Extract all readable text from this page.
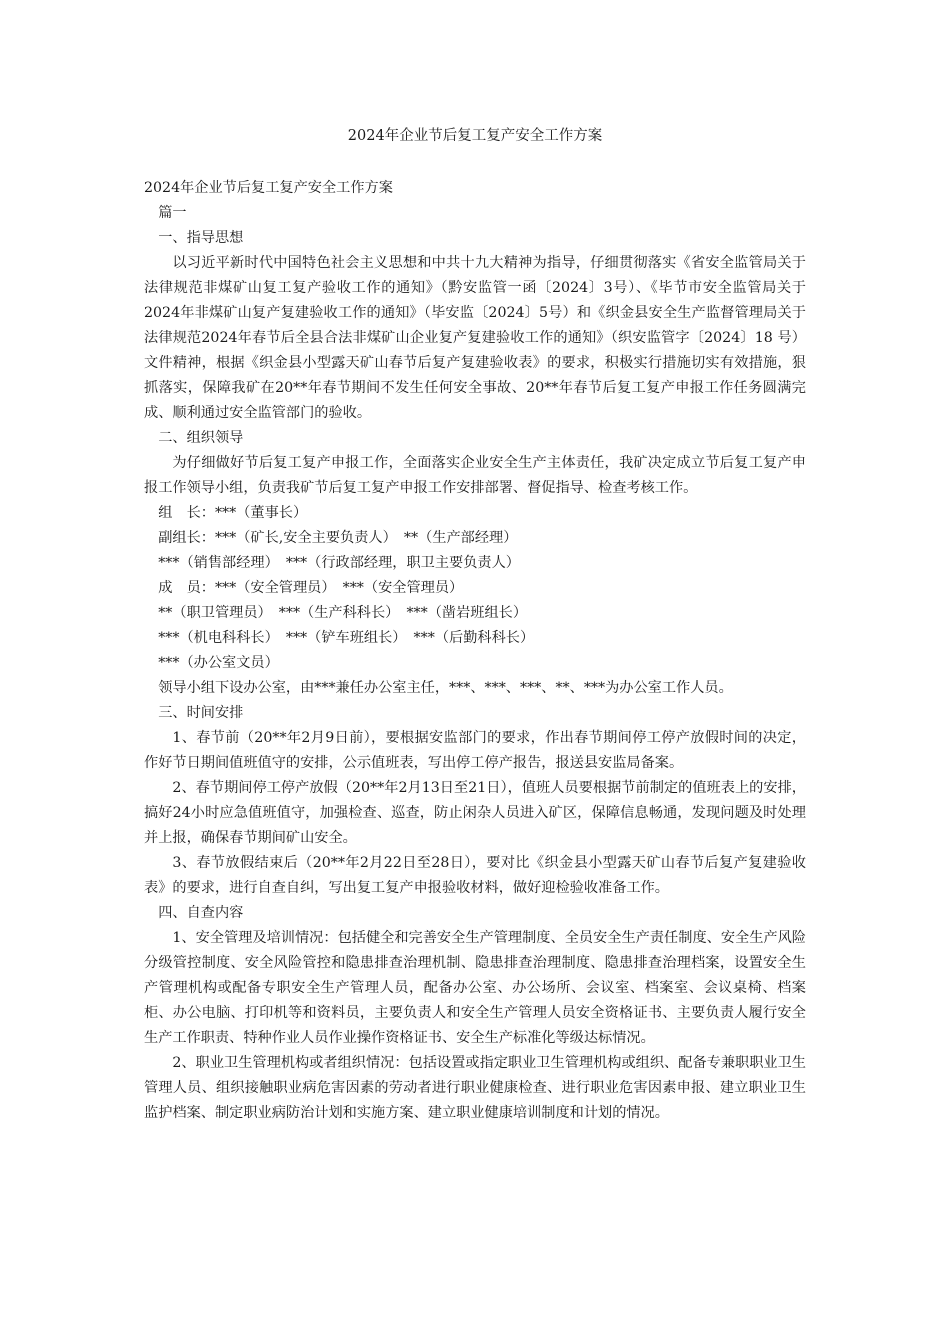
2024年企业节后复工复产安全工作方案

2024年企业节后复工复产安全工作方案

篇一

一、指导思想

以习近平新时代中国特色社会主义思想和中共十九大精神为指导，仔细贯彻落实《省安全监管局关于法律规范非煤矿山复工复产验收工作的通知》（黔安监管一函〔2024〕3号）、《毕节市安全监管局关于2024年非煤矿山复产复建验收工作的通知》（毕安监〔2024〕5号）和《织金县安全生产监督管理局关于法律规范2024年春节后全县合法非煤矿山企业复产复建验收工作的通知》（织安监管字〔2024〕18 号）文件精神，根据《织金县小型露天矿山春节后复产复建验收表》的要求，积极实行措施切实有效措施，狠抓落实，保障我矿在20**年春节期间不发生任何安全事故、20**年春节后复工复产申报工作任务圆满完成、顺利通过安全监管部门的验收。

二、组织领导

为仔细做好节后复工复产申报工作，全面落实企业安全生产主体责任，我矿决定成立节后复工复产申报工作领导小组，负责我矿节后复工复产申报工作安排部署、督促指导、检查考核工作。

组　长：***（董事长）

副组长：***（矿长,安全主要负责人）　**（生产部经理）

***（销售部经理）　***（行政部经理，职卫主要负责人）

成　员：***（安全管理员）　***（安全管理员）

**（职卫管理员）　***（生产科科长）　***（凿岩班组长）

***（机电科科长）　***（铲车班组长）　***（后勤科科长）

***（办公室文员）

领导小组下设办公室，由***兼任办公室主任，***、***、***、**、***为办公室工作人员。

三、时间安排

1、春节前（20**年2月9日前），要根据安监部门的要求，作出春节期间停工停产放假时间的决定，作好节日期间值班值守的安排，公示值班表，写出停工停产报告，报送县安监局备案。

2、春节期间停工停产放假（20**年2月13日至21日），值班人员要根据节前制定的值班表上的安排，搞好24小时应急值班值守，加强检查、巡查，防止闲杂人员进入矿区，保障信息畅通，发现问题及时处理并上报，确保春节期间矿山安全。

3、春节放假结束后（20**年2月22日至28日），要对比《织金县小型露天矿山春节后复产复建验收表》的要求，进行自查自纠，写出复工复产申报验收材料，做好迎检验收准备工作。

四、自查内容

1、安全管理及培训情况：包括健全和完善安全生产管理制度、全员安全生产责任制度、安全生产风险分级管控制度、安全风险管控和隐患排查治理机制、隐患排查治理制度、隐患排查治理档案，设置安全生产管理机构或配备专职安全生产管理人员，配备办公室、办公场所、会议室、档案室、会议桌椅、档案柜、办公电脑、打印机等和资料员，主要负责人和安全生产管理人员安全资格证书、主要负责人履行安全生产工作职责、特种作业人员作业操作资格证书、安全生产标准化等级达标情况。

2、职业卫生管理机构或者组织情况：包括设置或指定职业卫生管理机构或组织、配备专兼职职业卫生管理人员、组织接触职业病危害因素的劳动者进行职业健康检查、进行职业危害因素申报、建立职业卫生监护档案、制定职业病防治计划和实施方案、建立职业健康培训制度和计划的情况。
